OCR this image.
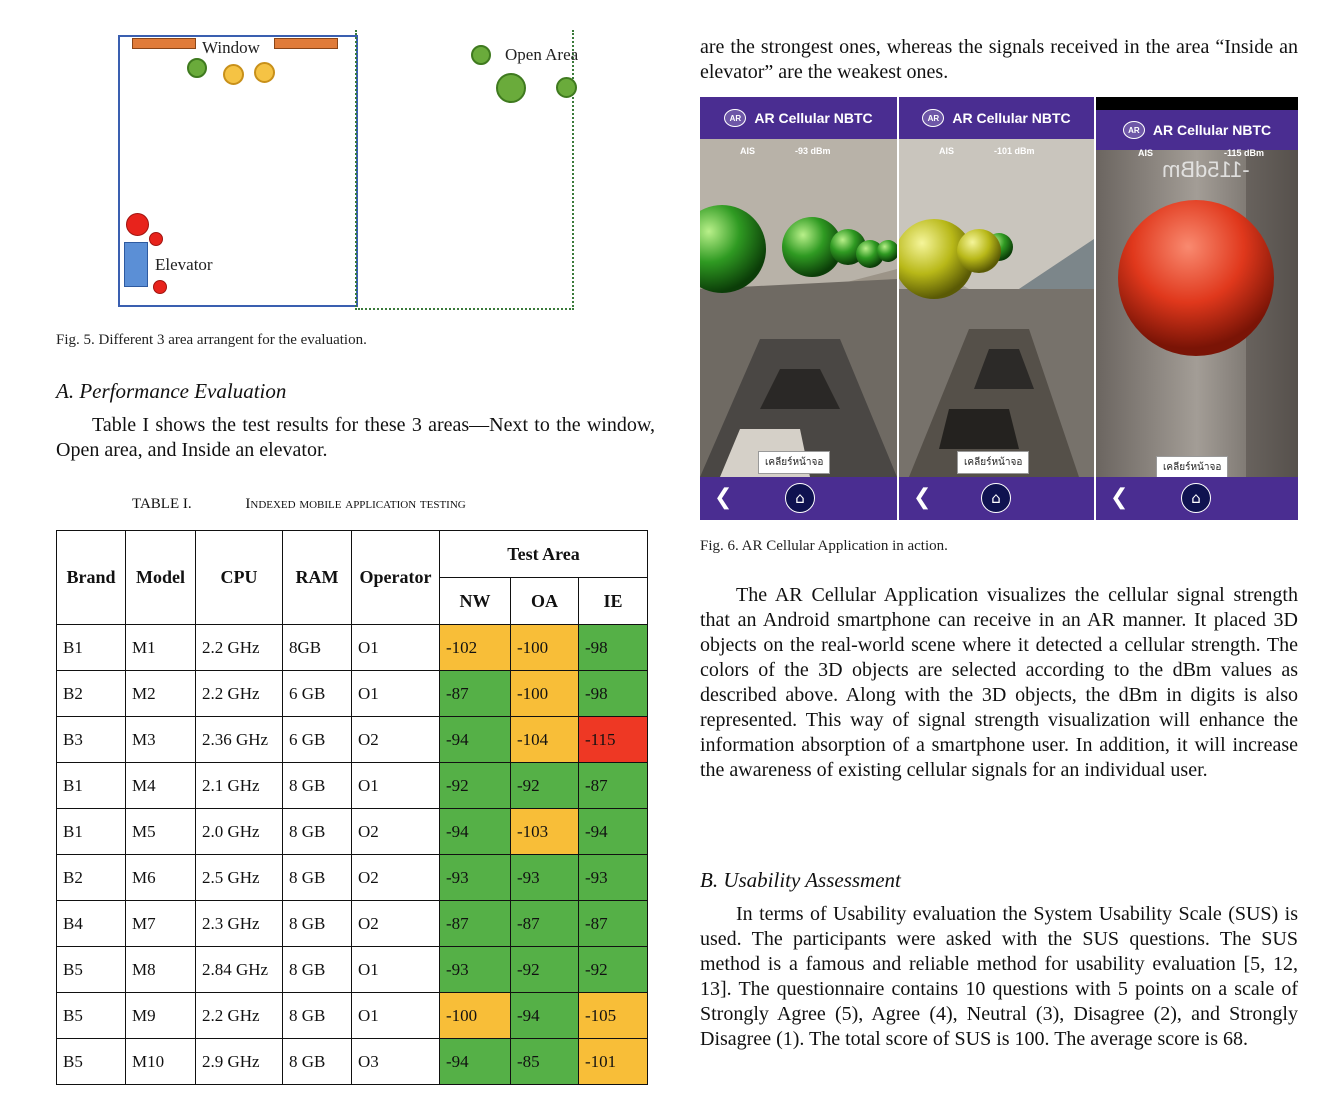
Window	Open Area
Elevator
Fig. 5. Different 3 area arrangent for the evaluation.
A. Performance Evaluation
Table I shows the test results for these 3 areas—Next to the window, Open area, and Inside an elevator.
TABLE I.	Indexed mobile application testing
Brand	Model	CPU	RAM	Operator	Test Area		
					NW	OA	IE
B1	M1	2.2 GHz	8GB	O1	-102	-100	-98
B2	M2	2.2 GHz	6 GB	O1	-87	-100	-98
B3	M3	2.36 GHz	6 GB	O2	-94	-104	-115
B1	M4	2.1 GHz	8 GB	O1	-92	-92	-87
B1	M5	2.0 GHz	8 GB	O2	-94	-103	-94
B2	M6	2.5 GHz	8 GB	O2	-93	-93	-93
B4	M7	2.3 GHz	8 GB	O2	-87	-87	-87
B5	M8	2.84 GHz	8 GB	O1	-93	-92	-92
B5	M9	2.2 GHz	8 GB	O1	-100	-94	-105
B5	M10	2.9 GHz	8 GB	O3	-94	-85	-101
are the strongest ones, whereas the signals received in the area “Inside an elevator” are the weakest ones.
AR AR Cellular NBTC
AIS	-93 dBm
เคลียร์หน้าจอ
❮	⌂
AR AR Cellular NBTC
AIS	-101 dBm
เคลียร์หน้าจอ
❮	⌂
AR AR Cellular NBTC
AIS	-115 dBm
-115dBm
เคลียร์หน้าจอ
❮	⌂
Fig. 6. AR Cellular Application in action.
The AR Cellular Application visualizes the cellular signal strength that an Android smartphone can receive in an AR manner. It placed 3D objects on the real-world scene where it detected a cellular strength. The colors of the 3D objects are selected according to the dBm values as described above. Along with the 3D objects, the dBm in digits is also represented. This way of signal strength visualization will enhance the information absorption of a smartphone user. In addition, it will increase the awareness of existing cellular signals for an individual user.
B. Usability Assessment
In terms of Usability evaluation the System Usability Scale (SUS) is used. The participants were asked with the SUS questions. The SUS method is a famous and reliable method for usability evaluation [5, 12, 13]. The questionnaire contains 10 questions with 5 points on a scale of Strongly Agree (5), Agree (4), Neutral (3), Disagree (2), and Strongly Disagree (1). The total score of SUS is 100. The average score is 68.
